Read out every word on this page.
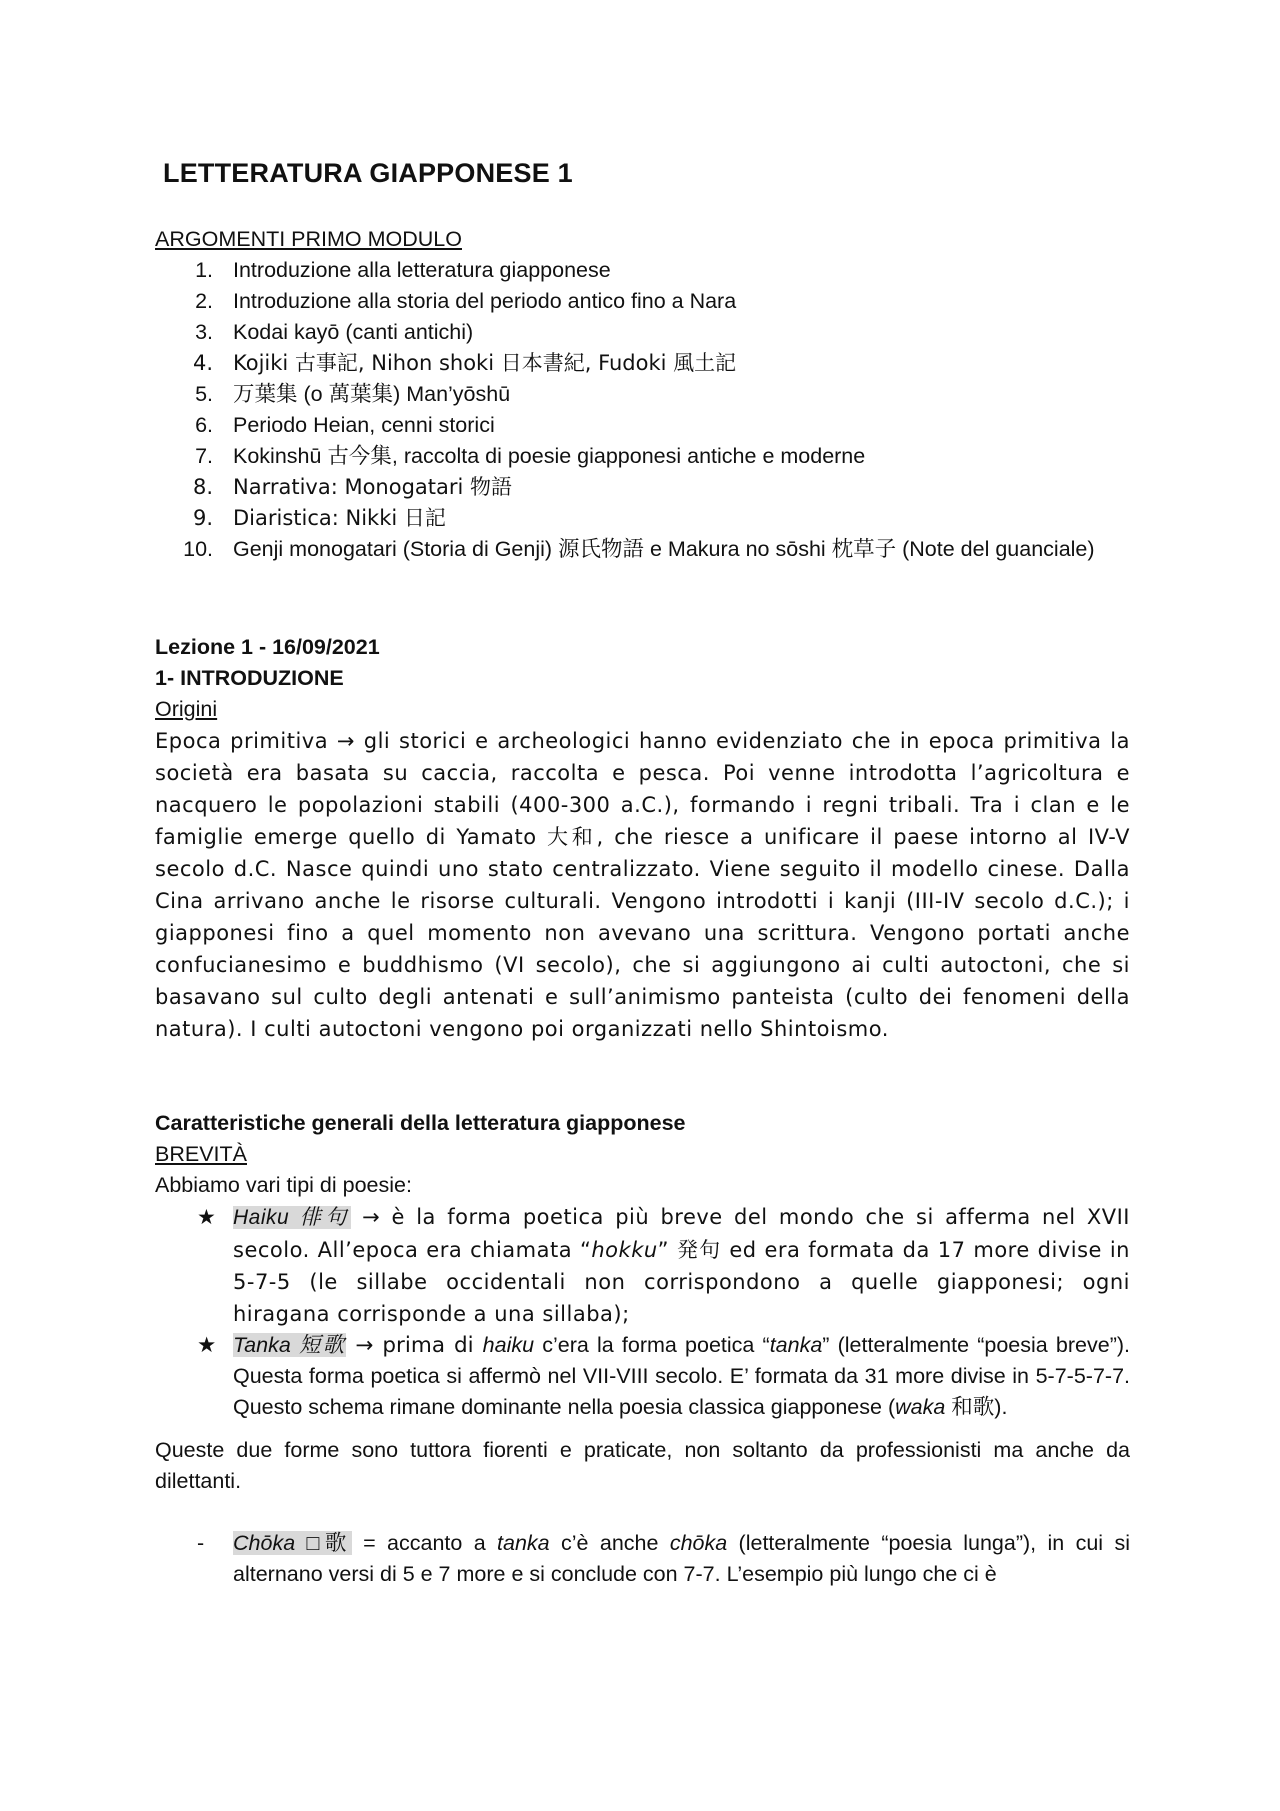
LETTERATURA GIAPPONESE 1
ARGOMENTI PRIMO MODULO
1. Introduzione alla letteratura giapponese
2. Introduzione alla storia del periodo antico fino a Nara
3. Kodai kayō (canti antichi)
4. Kojiki 古事記, Nihon shoki 日本書紀, Fudoki 風土記
5. 万葉集 (o 萬葉集) Man’yōshū
6. Periodo Heian, cenni storici
7. Kokinshū 古今集, raccolta di poesie giapponesi antiche e moderne
8. Narrativa: Monogatari 物語
9. Diaristica: Nikki 日記
10. Genji monogatari (Storia di Genji) 源氏物語 e Makura no sōshi 枕草子 (Note del guanciale)
Lezione 1 - 16/09/2021
1- INTRODUZIONE
Origini
Epoca primitiva → gli storici e archeologici hanno evidenziato che in epoca primitiva la società era basata su caccia, raccolta e pesca. Poi venne introdotta l’agricoltura e nacquero le popolazioni stabili (400-300 a.C.), formando i regni tribali. Tra i clan e le famiglie emerge quello di Yamato 大和, che riesce a unificare il paese intorno al IV-V secolo d.C. Nasce quindi uno stato centralizzato. Viene seguito il modello cinese. Dalla Cina arrivano anche le risorse culturali. Vengono introdotti i kanji (III-IV secolo d.C.); i giapponesi fino a quel momento non avevano una scrittura. Vengono portati anche confucianesimo e buddhismo (VI secolo), che si aggiungono ai culti autoctoni, che si basavano sul culto degli antenati e sull’animismo panteista (culto dei fenomeni della natura). I culti autoctoni vengono poi organizzati nello Shintoismo.
Caratteristiche generali della letteratura giapponese
BREVITÀ
Abbiamo vari tipi di poesie:
★ Haiku 俳句 → è la forma poetica più breve del mondo che si afferma nel XVII secolo. All’epoca era chiamata “hokku” 発句 ed era formata da 17 more divise in 5-7-5 (le sillabe occidentali non corrispondono a quelle giapponesi; ogni hiragana corrisponde a una sillaba);
★ Tanka 短歌 → prima di haiku c’era la forma poetica “tanka” (letteralmente “poesia breve”). Questa forma poetica si affermò nel VII-VIII secolo. E’ formata da 31 more divise in 5-7-5-7-7. Questo schema rimane dominante nella poesia classica giapponese (waka 和歌).
Queste due forme sono tuttora fiorenti e praticate, non soltanto da professionisti ma anche da dilettanti.
- Chōka □歌 = accanto a tanka c’è anche chōka (letteralmente “poesia lunga”), in cui si alternano versi di 5 e 7 more e si conclude con 7-7. L’esempio più lungo che ci è
